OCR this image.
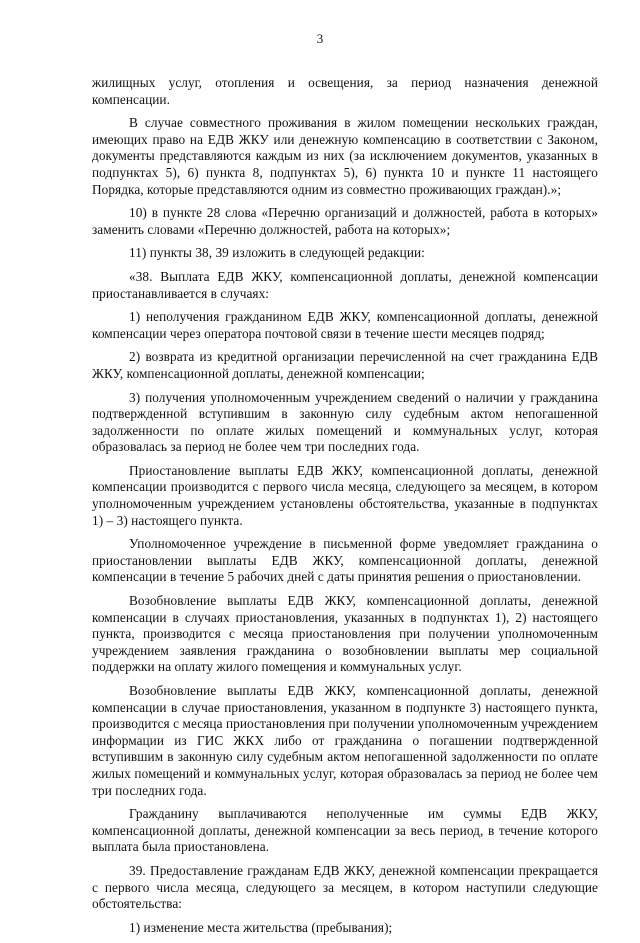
3

жилищных услуг, отопления и освещения, за период назначения денежной компенсации.

В случае совместного проживания в жилом помещении нескольких граждан, имеющих право на ЕДВ ЖКУ или денежную компенсацию в соответствии с Законом, документы представляются каждым из них (за исключением документов, указанных в подпунктах 5), 6) пункта 8, подпунктах 5), 6) пункта 10 и пункте 11 настоящего Порядка, которые представляются одним из совместно проживающих граждан).»;

10) в пункте 28 слова «Перечню организаций и должностей, работа в которых» заменить словами «Перечню должностей, работа на которых»;

11) пункты 38, 39 изложить в следующей редакции:

«38. Выплата ЕДВ ЖКУ, компенсационной доплаты, денежной компенсации приостанавливается в случаях:

1) неполучения гражданином ЕДВ ЖКУ, компенсационной доплаты, денежной компенсации через оператора почтовой связи в течение шести месяцев подряд;

2) возврата из кредитной организации перечисленной на счет гражданина ЕДВ ЖКУ, компенсационной доплаты, денежной компенсации;

3) получения уполномоченным учреждением сведений о наличии у гражданина подтвержденной вступившим в законную силу судебным актом непогашенной задолженности по оплате жилых помещений и коммунальных услуг, которая образовалась за период не более чем три последних года.

Приостановление выплаты ЕДВ ЖКУ, компенсационной доплаты, денежной компенсации производится с первого числа месяца, следующего за месяцем, в котором уполномоченным учреждением установлены обстоятельства, указанные в подпунктах 1) – 3) настоящего пункта.

Уполномоченное учреждение в письменной форме уведомляет гражданина о приостановлении выплаты ЕДВ ЖКУ, компенсационной доплаты, денежной компенсации в течение 5 рабочих дней с даты принятия решения о приостановлении.

Возобновление выплаты ЕДВ ЖКУ, компенсационной доплаты, денежной компенсации в случаях приостановления, указанных в подпунктах 1), 2) настоящего пункта, производится с месяца приостановления при получении уполномоченным учреждением заявления гражданина о возобновлении выплаты мер социальной поддержки на оплату жилого помещения и коммунальных услуг.

Возобновление выплаты ЕДВ ЖКУ, компенсационной доплаты, денежной компенсации в случае приостановления, указанном в подпункте 3) настоящего пункта, производится с месяца приостановления при получении уполномоченным учреждением информации из ГИС ЖКХ либо от гражданина о погашении подтвержденной вступившим в законную силу судебным актом непогашенной задолженности по оплате жилых помещений и коммунальных услуг, которая образовалась за период не более чем три последних года.

Гражданину выплачиваются неполученные им суммы ЕДВ ЖКУ, компенсационной доплаты, денежной компенсации за весь период, в течение которого выплата была приостановлена.

39. Предоставление гражданам ЕДВ ЖКУ, денежной компенсации прекращается с первого числа месяца, следующего за месяцем, в котором наступили следующие обстоятельства:

1) изменение места жительства (пребывания);
